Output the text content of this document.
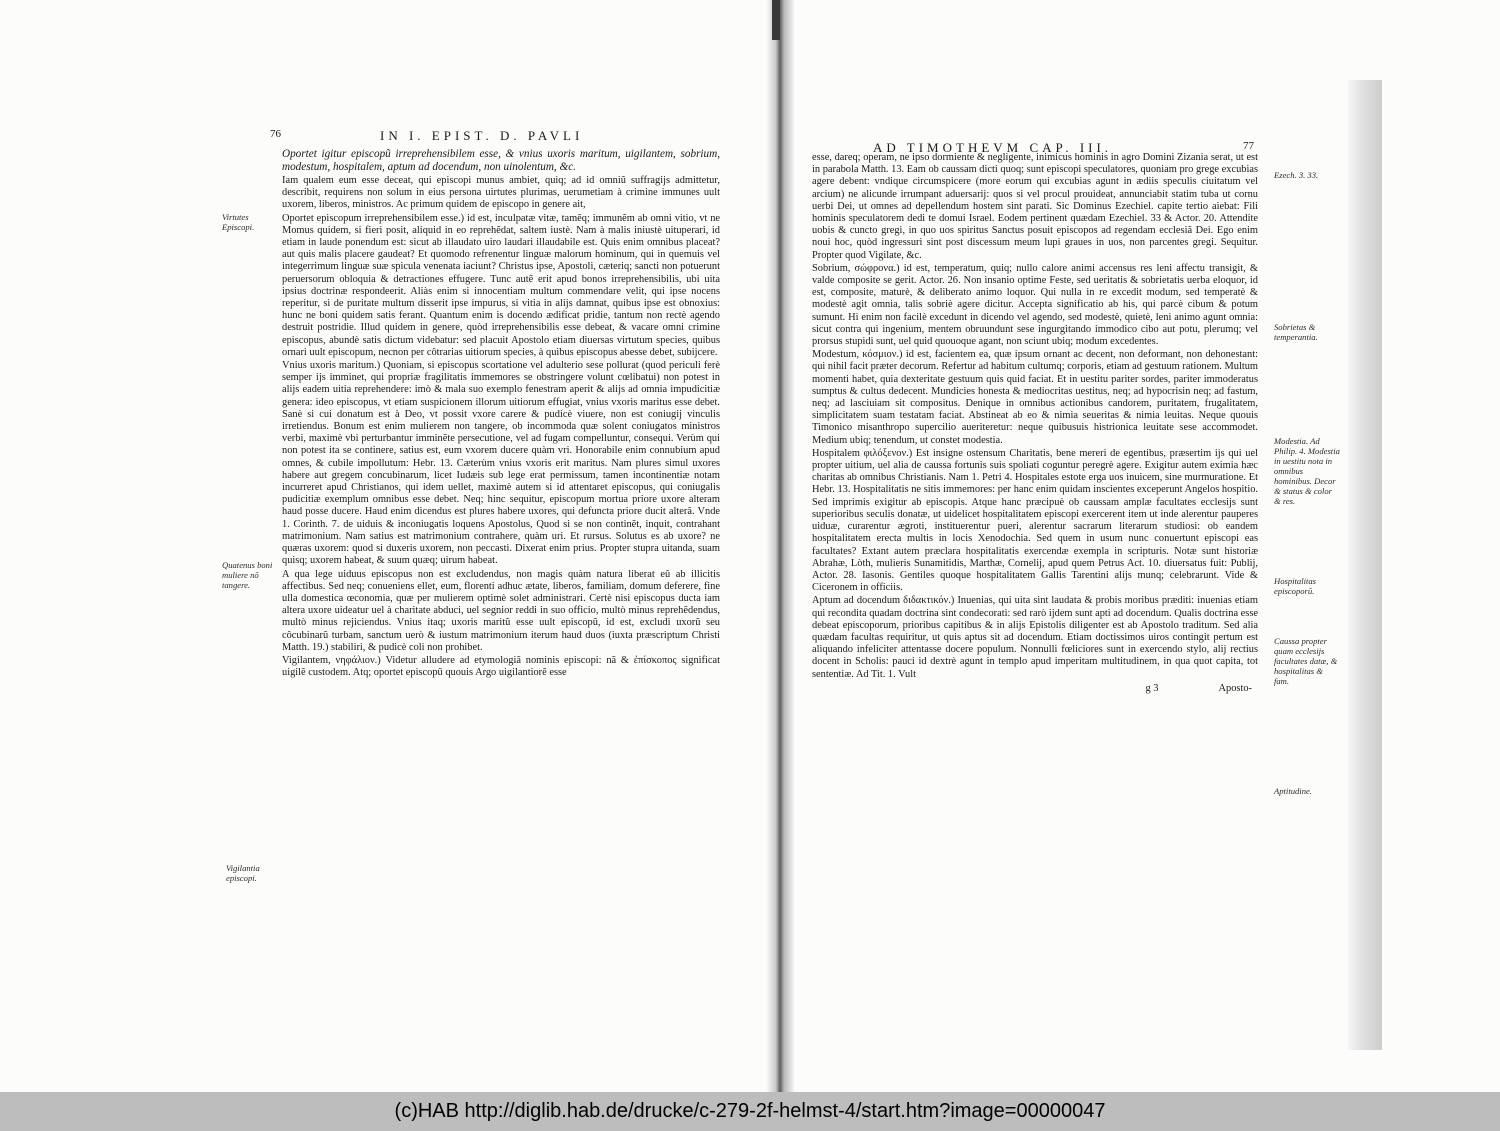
76	IN I. EPIST. D. PAVLI

Oportet igitur episcopũ irreprehensibilem esse, & vnius uxoris maritum, uigilantem, sobrium, modestum, hospitalem, aptum ad docendum, non uinolentum, &c.

Iam qualem eum esse deceat, qui episcopi munus ambiet, quiq; ad id omniũ suffragijs admittetur, describit, requirens non solum in eius persona uirtutes plurimas, uerumetiam à crimine immunes uult uxorem, liberos, ministros. Ac primum quidem de episcopo in genere ait,

Oportet episcopum irreprehensibilem esse.) id est, inculpatæ vitæ, tamẽq; immunẽm ab omni vitio, vt ne Momus quidem, si fieri posit, aliquid in eo reprehẽdat, saltem iustè. Nam à malis iniustè uituperari, id etiam in laude ponendum est: sicut ab illaudato uiro laudari illaudabile est. Quis enim omnibus placeat? aut quis malis placere gaudeat? Et quomodo refrenentur linguæ malorum hominum, qui in quemuis vel integerrimum linguæ suæ spicula venenata iaciunt? Christus ipse, Apostoli, cæteriq; sancti non potuerunt peruersorum obloquia & detractiones effugere. Tunc autẽ erit apud bonos irreprehensibilis, ubi uita ipsius doctrinæ respondeerit. Aliàs enim si innocentiam multum commendare velit, qui ipse nocens reperitur, si de puritate multum disserit ipse impurus, si vitia in alijs damnat, quibus ipse est obnoxius: hunc ne boni quidem satis ferant. Quantum enim is docendo ædificat pridie, tantum non rectè agendo destruit postridie. Illud quidem in genere, quòd irreprehensibilis esse debeat, & vacare omni crimine episcopus, abundè satis dictum videbatur: sed placuit Apostolo etiam diuersas virtutum species, quibus ornari uult episcopum, necnon per côtrarias uitiorum species, à quibus episcopus abesse debet, subijcere.

Vnius uxoris maritum.) Quoniam, si episcopus scortatione vel adulterio sese pollurat (quod periculi ferè semper ijs imminet, qui propriæ fragilitatis immemores se obstringere volunt cœlibatui) non potest in alijs eadem uitia reprehendere: imò & mala suo exemplo fenestram aperit & alijs ad omnia impudicitiæ genera: ideo episcopus, vt etiam suspicionem illorum uitiorum effugiat, vnius vxoris maritus esse debet. Sanè si cui donatum est à Deo, vt possit vxore carere & pudicè viuere, non est coniugij vinculis irretiendus. Bonum est enim mulierem non tangere, ob incommoda quæ solent coniugatos ministros verbi, maximè vbi perturbantur imminẽte persecutione, vel ad fugam compelluntur, consequi. Verùm qui non potest ita se continere, satius est, eum vxorem ducere quàm vri. Honorabile enim connubium apud omnes, & cubile impollutum: Hebr. 13. Cæterùm vnius vxoris erit maritus. Nam plures simul uxores habere aut gregem concubinarum, licet Iudæis sub lege erat permissum, tamen incontinentiæ notam incurreret apud Christianos, qui idem uellet, maximè autem si id attentaret episcopus, qui coniugalis pudicitiæ exemplum omnibus esse debet. Neq; hinc sequitur, episcopum mortua priore uxore alteram haud posse ducere. Haud enim dicendus est plures habere uxores, qui defuncta priore ducit alterã. Vnde 1. Corinth. 7. de uiduis & inconiugatis loquens Apostolus, Quod si se non continẽt, inquit, contrahant matrimonium. Nam satius est matrimonium contrahere, quàm uri. Et rursus. Solutus es ab uxore? ne quæras uxorem: quod si duxeris uxorem, non peccasti. Dixerat enim prius. Propter stupra uitanda, suam quisq; uxorem habeat, & suum quæq; uirum habeat.

A qua lege uiduus episcopus non est excludendus, non magis quàm natura liberat eũ ab illicitis affectibus. Sed neq; conueniens ellet, eum, florenti adhuc ætate, liberos, familiam, domum deferere, fine ulla domestica œconomia, quæ per mulierem optimè solet administrari. Certè nisi episcopus ducta iam altera uxore uideatur uel à charitate abduci, uel segnior reddi in suo officio, multò minus reprehẽdendus, multò minus rejiciendus. Vnius itaq; uxoris maritũ esse uult episcopũ, id est, excludi uxorũ seu côcubinarũ turbam, sanctum uerò & iustum matrimonium iterum haud duos (iuxta præscriptum Christi Matth. 19.) stabiliri, & pudicè coli non prohibet.

Vigilantem, νηφάλιον.) Videtur alludere ad etymologiã nominis episcopi: nã & ἐπίσκοπος significat uigilẽ custodem. Atq; oportet episcopũ quouis Argo uigilantiorẽ esse

Virtutes Episcopi.
Quatenus boni muliere nõ tangere.
Vigilantia episcopi.
AD TIMOTHEVM CAP. III.	77

esse, dareq; operam, ne ipso dormiente & negligente, inimicus hominis in agro Domini Zizania serat, ut est in parabola Matth. 13. Eam ob caussam dicti quoq; sunt episcopi speculatores, quoniam pro grege excubias agere debent: vndique circumspicere (more eorum qui excubias agunt in ædiis speculis ciuitatum vel arcium) ne alicunde irrumpant aduersarij: quos si vel procul prouideat, annunciabit statim tuba ut cornu uerbi Dei, ut omnes ad depellendum hostem sint parati. Sic Dominus Ezechiel. capite tertio aiebat: Fili hominis speculatorem dedi te domui Israel. Eodem pertinent quædam Ezechiel. 33 & Actor. 20. Attendite uobis & cuncto gregi, in quo uos spiritus Sanctus posuit episcopos ad regendam ecclesiã Dei. Ego enim noui hoc, quòd ingressuri sint post discessum meum lupi graues in uos, non parcentes gregi. Sequitur. Propter quod Vigilate, &c.

Sobrium, σώφρονα.) id est, temperatum, quiq; nullo calore animi accensus res leni affectu transigit, & valde composite se gerit. Actor. 26. Non insanio optime Feste, sed ueritatis & sobrietatis uerba eloquor, id est, composite, maturè, & deliberato animo loquor. Qui nulla in re excedit modum, sed temperatè & modestè agit omnia, talis sobriè agere dicitur. Accepta significatio ab his, qui parcè cibum & potum sumunt. Hi enim non facilè excedunt in dicendo vel agendo, sed modestè, quietè, leni animo agunt omnia: sicut contra qui ingenium, mentem obruundunt sese ingurgitando immodico cibo aut potu, plerumq; vel prorsus stupidi sunt, uel quid quouoque agant, non sciunt ubiq; modum excedentes.

Modestum, κόσμιον.) id est, facientem ea, quæ ipsum ornant ac decent, non deformant, non dehonestant: qui nihil facit præter decorum. Refertur ad habitum cultumq; corporis, etiam ad gestuum rationem. Multum momenti habet, quia dexteritate gestuum quis quid faciat. Et in uestitu pariter sordes, pariter immoderatus sumptus & cultus dedecent. Mundicies honesta & mediocritas uestitus, neq; ad hypocrisin neq; ad fastum, neq; ad lasciuiam sit compositus. Denique in omnibus actionibus candorem, puritatem, frugalitatem, simplicitatem suam testatam faciat. Abstineat ab eo & nimia seueritas & nimia leuitas. Neque quouis Timonico misanthropo supercilio aueriteretur: neque quibusuis histrionica leuitate sese accommodet. Medium ubiq; tenendum, ut constet modestia.

Hospitalem φιλόξενον.) Est insigne ostensum Charitatis, bene mereri de egentibus, præsertim ijs qui uel propter uitium, uel alia de caussa fortunis suis spoliati coguntur peregrè agere. Exigitur autem eximia hæc charitas ab omnibus Christianis. Nam 1. Petri 4. Hospitales estote erga uos inuicem, sine murmuratione. Et Hebr. 13. Hospitalitatis ne sitis immemores: per hanc enim quidam inscientes exceperunt Angelos hospitio. Sed imprimis exigitur ab episcopis. Atque hanc præcipuè ob caussam amplæ facultates ecclesijs sunt superioribus seculis donatæ, ut uidelicet hospitalitatem episcopi exercerent item ut inde alerentur pauperes uiduæ, curarentur ægroti, instituerentur pueri, alerentur sacrarum literarum studiosi: ob eandem hospitalitatem erecta multis in locis Xenodochia. Sed quem in usum nunc conuertunt episcopi eas facultates? Extant autem præclara hospitalitatis exercendæ exempla in scripturis. Notæ sunt historiæ Abrahæ, Lòth, mulieris Sunamitidis, Marthæ, Cornelij, apud quem Petrus Act. 10. diuersatus fuit: Publij, Actor. 28. Iasonis. Gentiles quoque hospitalitatem Gallis Tarentini alijs munq; celebrarunt. Vide & Ciceronem in officiis.

Aptum ad docendum διδακτικόν.) Inuenias, qui uita sint laudata & probis moribus præditi: inuenias etiam qui recondita quadam doctrina sint condecorati: sed rarò ijdem sunt apti ad docendum. Qualis doctrina esse debeat episcoporum, prioribus capitibus & in alijs Epistolis diligenter est ab Apostolo traditum. Sed alia quædam facultas requiritur, ut quis aptus sit ad docendum. Etiam doctissimos uiros contingit pertum est aliquando infeliciter attentasse docere populum. Nonnulli fœliciores sunt in exercendo stylo, alij rectius docent in Scholis: pauci id dextrè agunt in templo apud imperitam multitudinem, in qua quot capita, tot sententiæ. Ad Tit. 1. Vult

g 3	Aposto-
Ezech. 3. 33.
Sobrietas & temperantia.
Modestia. Ad Philip. 4. Modestia in uestitu nota in omnibus hominibus. Decor & status & color & res.
Hospitalitas episcoporũ.
Caussa propter quam ecclesijs facultates datæ, & hospitalitas & fam.
Aptitudine.
(c)HAB http://diglib.hab.de/drucke/c-279-2f-helmst-4/start.htm?image=00000047
